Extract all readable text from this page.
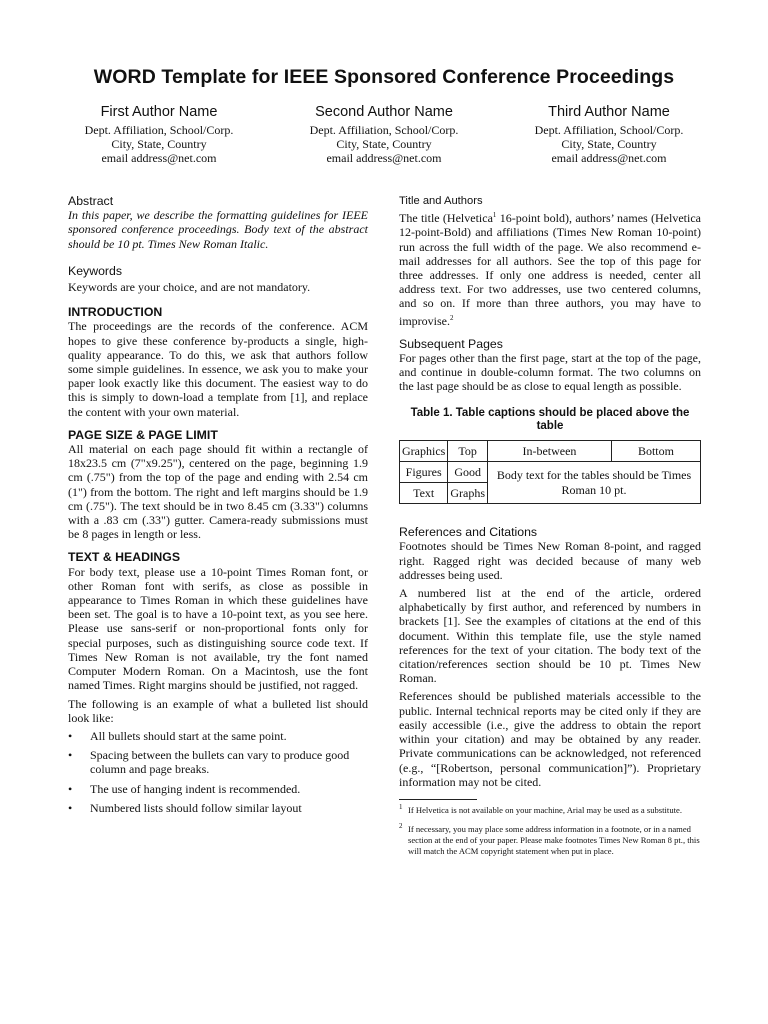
WORD Template for IEEE Sponsored Conference Proceedings
First Author Name
Dept. Affiliation, School/Corp.
City, State, Country
email address@net.com
Second Author Name
Dept. Affiliation, School/Corp.
City, State, Country
email address@net.com
Third Author Name
Dept. Affiliation, School/Corp.
City, State, Country
email address@net.com
Abstract

In this paper, we describe the formatting guidelines for IEEE sponsored conference proceedings. Body text of the abstract should be 10 pt. Times New Roman Italic.

Keywords

Keywords are your choice, and are not mandatory.

INTRODUCTION

The proceedings are the records of the conference. ACM hopes to give these conference by-products a single, high-quality appearance. To do this, we ask that authors follow some simple guidelines. In essence, we ask you to make your paper look exactly like this document. The easiest way to do this is simply to down-load a template from [1], and replace the content with your own material.

PAGE SIZE & PAGE LIMIT

All material on each page should fit within a rectangle of 18x23.5 cm (7"x9.25"), centered on the page, beginning 1.9 cm (.75") from the top of the page and ending with 2.54 cm (1") from the bottom. The right and left margins should be 1.9 cm (.75"). The text should be in two 8.45 cm (3.33") columns with a .83 cm (.33") gutter. Camera-ready submissions must be 8 pages in length or less.

TEXT & HEADINGS

For body text, please use a 10-point Times Roman font, or other Roman font with serifs, as close as possible in appearance to Times Roman in which these guidelines have been set. The goal is to have a 10-point text, as you see here. Please use sans-serif or non-proportional fonts only for special purposes, such as distinguishing source code text. If Times New Roman is not available, try the font named Computer Modern Roman. On a Macintosh, use the font named Times. Right margins should be justified, not ragged.

The following is an example of what a bulleted list should look like:

• All bullets should start at the same point.
• Spacing between the bullets can vary to produce good column and page breaks.
• The use of hanging indent is recommended.
• Numbered lists should follow similar layout
Title and Authors

The title (Helvetica$^1$ 16-point bold), authors’ names (Helvetica 12-point-Bold) and affiliations (Times New Roman 10-point) run across the full width of the page. We also recommend e-mail addresses for all authors. See the top of this page for three addresses. If only one address is needed, center all address text. For two addresses, use two centered columns, and so on. If more than three authors, you may have to improvise.$^2$

Subsequent Pages

For pages other than the first page, start at the top of the page, and continue in double-column format. The two columns on the last page should be as close to equal length as possible.

Table 1. Table captions should be placed above the table
Graphics	Top	In-between	Bottom
Figures	Good	Body text for the tables should be Times Roman 10 pt.	
Text	Graphs		
References and Citations

Footnotes should be Times New Roman 8-point, and ragged right. Ragged right was decided because of many web addresses being used.

A numbered list at the end of the article, ordered alphabetically by first author, and referenced by numbers in brackets [1]. See the examples of citations at the end of this document. Within this template file, use the style named references for the text of your citation. The body text of the citation/references section should be 10 pt. Times New Roman.

References should be published materials accessible to the public. Internal technical reports may be cited only if they are easily accessible (i.e., give the address to obtain the report within your citation) and may be obtained by any reader. Private communications can be acknowledged, not referenced (e.g., “[Robertson, personal communication]”). Proprietary information may not be cited.

1 If Helvetica is not available on your machine, Arial may be used as a substitute.
2 If necessary, you may place some address information in a footnote, or in a named section at the end of your paper. Please make footnotes Times New Roman 8 pt., this will match the ACM copyright statement when put in place.
